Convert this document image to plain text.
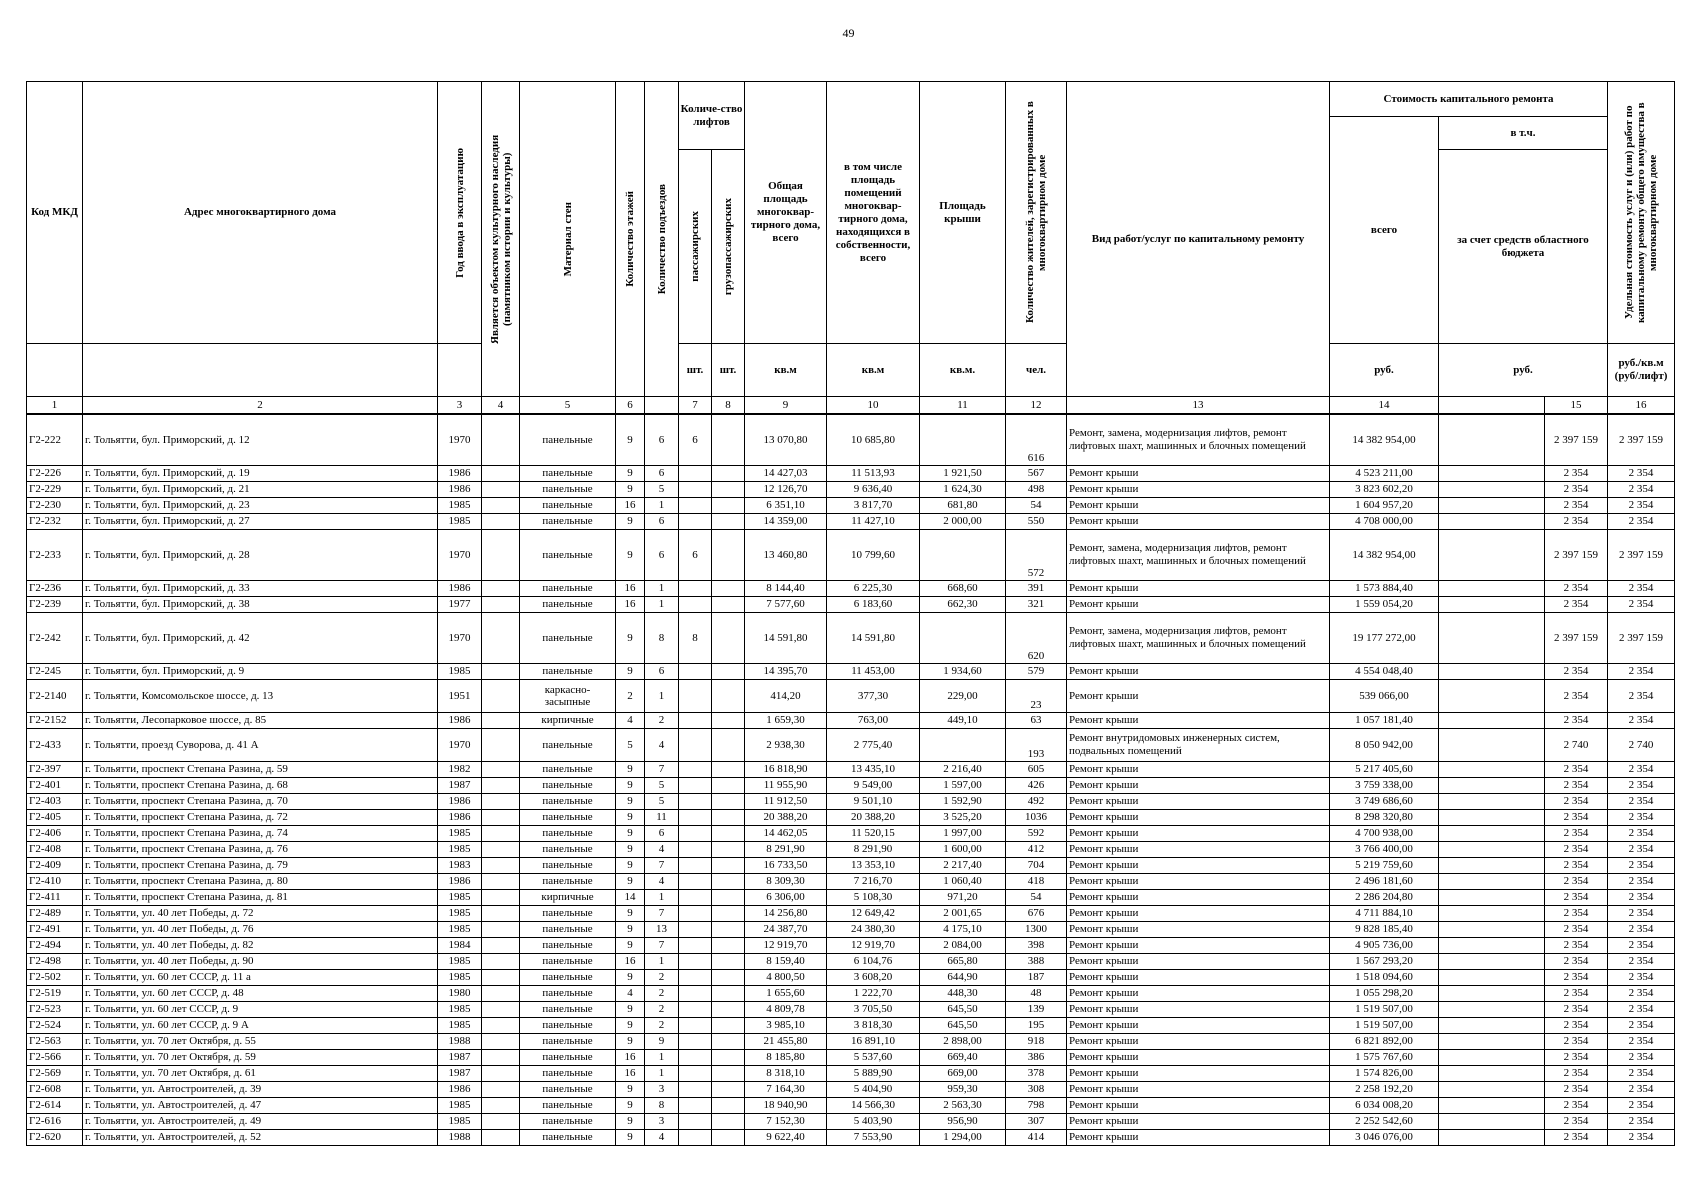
49
Код МКД	Адрес многоквартирного дома	Год ввода в эксплуатацию	Является объектом культурного наследия (памятником истории и культуры)	Материал стен	Количество этажей	Количество подъездов	Количе-ство лифтов		Общая площадь многоквар-тирного дома, всего	в том числе площадь помещений многоквар-тирного дома, находящихся в собственности, всего	Площадь крыши	Количество жителей, зарегистрированных в многоквартирном доме	Вид работ/услуг по капитальному ремонту	Стоимость капитального ремонта			Удельная стоимость услуг и (или) работ по капитальному ремонту общего имущества в многоквартирном доме

														всего	в т.ч.			

							пассажирских	грузопассажирских							за счет средств областного бюджета			
							шт.	шт.	кв.м	кв.м	кв.м.	чел.		руб.	руб.		руб./кв.м (руб/лифт)	
1	2	3	4	5	6		7	8	9	10	11	12	13	14		15	16	
Г2-222	г. Тольятти, бул. Приморский, д. 12	1970		панельные	9	6	6		13 070,80	10 685,80		616	Ремонт, замена, модернизация лифтов, ремонт лифтовых шахт, машинных и блочных помещений	14 382 954,00		2 397 159	2 397 159	
Г2-226	г. Тольятти, бул. Приморский, д. 19	1986		панельные	9	6			14 427,03	11 513,93	1 921,50	567	Ремонт крыши	4 523 211,00		2 354	2 354	
Г2-229	г. Тольятти, бул. Приморский, д. 21	1986		панельные	9	5			12 126,70	9 636,40	1 624,30	498	Ремонт крыши	3 823 602,20		2 354	2 354	
Г2-230	г. Тольятти, бул. Приморский, д. 23	1985		панельные	16	1			6 351,10	3 817,70	681,80	54	Ремонт крыши	1 604 957,20		2 354	2 354	
Г2-232	г. Тольятти, бул. Приморский, д. 27	1985		панельные	9	6			14 359,00	11 427,10	2 000,00	550	Ремонт крыши	4 708 000,00		2 354	2 354	
Г2-233	г. Тольятти, бул. Приморский, д. 28	1970		панельные	9	6	6		13 460,80	10 799,60		572	Ремонт, замена, модернизация лифтов, ремонт лифтовых шахт, машинных и блочных помещений	14 382 954,00		2 397 159	2 397 159	
Г2-236	г. Тольятти, бул. Приморский, д. 33	1986		панельные	16	1			8 144,40	6 225,30	668,60	391	Ремонт крыши	1 573 884,40		2 354	2 354	
Г2-239	г. Тольятти, бул. Приморский, д. 38	1977		панельные	16	1			7 577,60	6 183,60	662,30	321	Ремонт крыши	1 559 054,20		2 354	2 354	
Г2-242	г. Тольятти, бул. Приморский, д. 42	1970		панельные	9	8	8		14 591,80	14 591,80		620	Ремонт, замена, модернизация лифтов, ремонт лифтовых шахт, машинных и блочных помещений	19 177 272,00		2 397 159	2 397 159	
Г2-245	г. Тольятти, бул. Приморский, д. 9	1985		панельные	9	6			14 395,70	11 453,00	1 934,60	579	Ремонт крыши	4 554 048,40		2 354	2 354	
Г2-2140	г. Тольятти, Комсомольское шоссе, д. 13	1951		каркасно-засыпные	2	1			414,20	377,30	229,00	23	Ремонт крыши	539 066,00		2 354	2 354	
Г2-2152	г. Тольятти, Лесопарковое шоссе, д. 85	1986		кирпичные	4	2			1 659,30	763,00	449,10	63	Ремонт крыши	1 057 181,40		2 354	2 354	
Г2-433	г. Тольятти, проезд Суворова, д. 41 А	1970		панельные	5	4			2 938,30	2 775,40		193	Ремонт внутридомовых инженерных систем, подвальных помещений	8 050 942,00		2 740	2 740	
Г2-397	г. Тольятти, проспект Степана Разина, д. 59	1982		панельные	9	7			16 818,90	13 435,10	2 216,40	605	Ремонт крыши	5 217 405,60		2 354	2 354	
Г2-401	г. Тольятти, проспект Степана Разина, д. 68	1987		панельные	9	5			11 955,90	9 549,00	1 597,00	426	Ремонт крыши	3 759 338,00		2 354	2 354	
Г2-403	г. Тольятти, проспект Степана Разина, д. 70	1986		панельные	9	5			11 912,50	9 501,10	1 592,90	492	Ремонт крыши	3 749 686,60		2 354	2 354	
Г2-405	г. Тольятти, проспект Степана Разина, д. 72	1986		панельные	9	11			20 388,20	20 388,20	3 525,20	1036	Ремонт крыши	8 298 320,80		2 354	2 354	
Г2-406	г. Тольятти, проспект Степана Разина, д. 74	1985		панельные	9	6			14 462,05	11 520,15	1 997,00	592	Ремонт крыши	4 700 938,00		2 354	2 354	
Г2-408	г. Тольятти, проспект Степана Разина, д. 76	1985		панельные	9	4			8 291,90	8 291,90	1 600,00	412	Ремонт крыши	3 766 400,00		2 354	2 354	
Г2-409	г. Тольятти, проспект Степана Разина, д. 79	1983		панельные	9	7			16 733,50	13 353,10	2 217,40	704	Ремонт крыши	5 219 759,60		2 354	2 354	
Г2-410	г. Тольятти, проспект Степана Разина, д. 80	1986		панельные	9	4			8 309,30	7 216,70	1 060,40	418	Ремонт крыши	2 496 181,60		2 354	2 354	
Г2-411	г. Тольятти, проспект Степана Разина, д. 81	1985		кирпичные	14	1			6 306,00	5 108,30	971,20	54	Ремонт крыши	2 286 204,80		2 354	2 354	
Г2-489	г. Тольятти, ул. 40 лет Победы, д. 72	1985		панельные	9	7			14 256,80	12 649,42	2 001,65	676	Ремонт крыши	4 711 884,10		2 354	2 354	
Г2-491	г. Тольятти, ул. 40 лет Победы, д. 76	1985		панельные	9	13			24 387,70	24 380,30	4 175,10	1300	Ремонт крыши	9 828 185,40		2 354	2 354	
Г2-494	г. Тольятти, ул. 40 лет Победы, д. 82	1984		панельные	9	7			12 919,70	12 919,70	2 084,00	398	Ремонт крыши	4 905 736,00		2 354	2 354	
Г2-498	г. Тольятти, ул. 40 лет Победы, д. 90	1985		панельные	16	1			8 159,40	6 104,76	665,80	388	Ремонт крыши	1 567 293,20		2 354	2 354	
Г2-502	г. Тольятти, ул. 60 лет СССР, д. 11 а	1985		панельные	9	2			4 800,50	3 608,20	644,90	187	Ремонт крыши	1 518 094,60		2 354	2 354	
Г2-519	г. Тольятти, ул. 60 лет СССР, д. 48	1980		панельные	4	2			1 655,60	1 222,70	448,30	48	Ремонт крыши	1 055 298,20		2 354	2 354	
Г2-523	г. Тольятти, ул. 60 лет СССР, д. 9	1985		панельные	9	2			4 809,78	3 705,50	645,50	139	Ремонт крыши	1 519 507,00		2 354	2 354	
Г2-524	г. Тольятти, ул. 60 лет СССР, д. 9 А	1985		панельные	9	2			3 985,10	3 818,30	645,50	195	Ремонт крыши	1 519 507,00		2 354	2 354	
Г2-563	г. Тольятти, ул. 70 лет Октября, д. 55	1988		панельные	9	9			21 455,80	16 891,10	2 898,00	918	Ремонт крыши	6 821 892,00		2 354	2 354	
Г2-566	г. Тольятти, ул. 70 лет Октября, д. 59	1987		панельные	16	1			8 185,80	5 537,60	669,40	386	Ремонт крыши	1 575 767,60		2 354	2 354	
Г2-569	г. Тольятти, ул. 70 лет Октября, д. 61	1987		панельные	16	1			8 318,10	5 889,90	669,00	378	Ремонт крыши	1 574 826,00		2 354	2 354	
Г2-608	г. Тольятти, ул. Автостроителей, д. 39	1986		панельные	9	3			7 164,30	5 404,90	959,30	308	Ремонт крыши	2 258 192,20		2 354	2 354	
Г2-614	г. Тольятти, ул. Автостроителей, д. 47	1985		панельные	9	8			18 940,90	14 566,30	2 563,30	798	Ремонт крыши	6 034 008,20		2 354	2 354	
Г2-616	г. Тольятти, ул. Автостроителей, д. 49	1985		панельные	9	3			7 152,30	5 403,90	956,90	307	Ремонт крыши	2 252 542,60		2 354	2 354	
Г2-620	г. Тольятти, ул. Автостроителей, д. 52	1988		панельные	9	4			9 622,40	7 553,90	1 294,00	414	Ремонт крыши	3 046 076,00		2 354	2 354	
